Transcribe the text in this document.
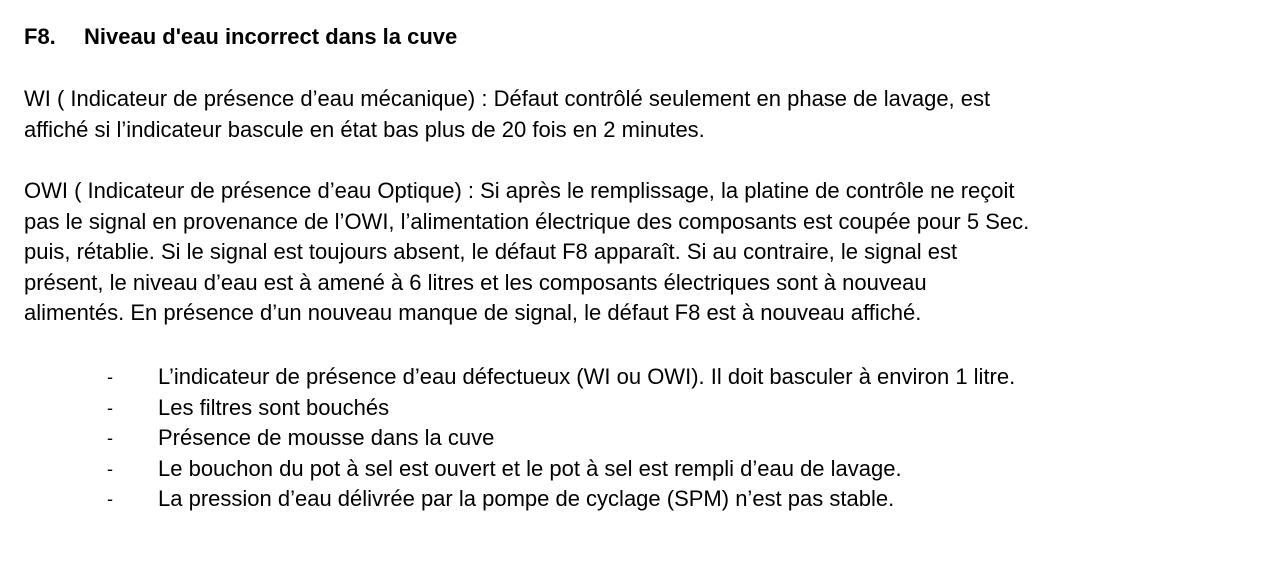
F8. Niveau d'eau incorrect dans la cuve

WI ( Indicateur de présence d’eau mécanique) : Défaut contrôlé seulement en phase de lavage, est
affiché si l’indicateur bascule en état bas plus de 20 fois en 2 minutes.

OWI ( Indicateur de présence d’eau Optique) : Si après le remplissage, la platine de contrôle ne reçoit
pas le signal en provenance de l’OWI, l’alimentation électrique des composants est coupée pour 5 Sec.
puis, rétablie. Si le signal est toujours absent, le défaut F8 apparaît. Si au contraire, le signal est
présent, le niveau d’eau est à amené à 6 litres et les composants électriques sont à nouveau
alimentés. En présence d’un nouveau manque de signal, le défaut F8 est à nouveau affiché.

- L’indicateur de présence d’eau défectueux (WI ou OWI). Il doit basculer à environ 1 litre.
- Les filtres sont bouchés
- Présence de mousse dans la cuve
- Le bouchon du pot à sel est ouvert et le pot à sel est rempli d’eau de lavage.
- La pression d’eau délivrée par la pompe de cyclage (SPM) n’est pas stable.
